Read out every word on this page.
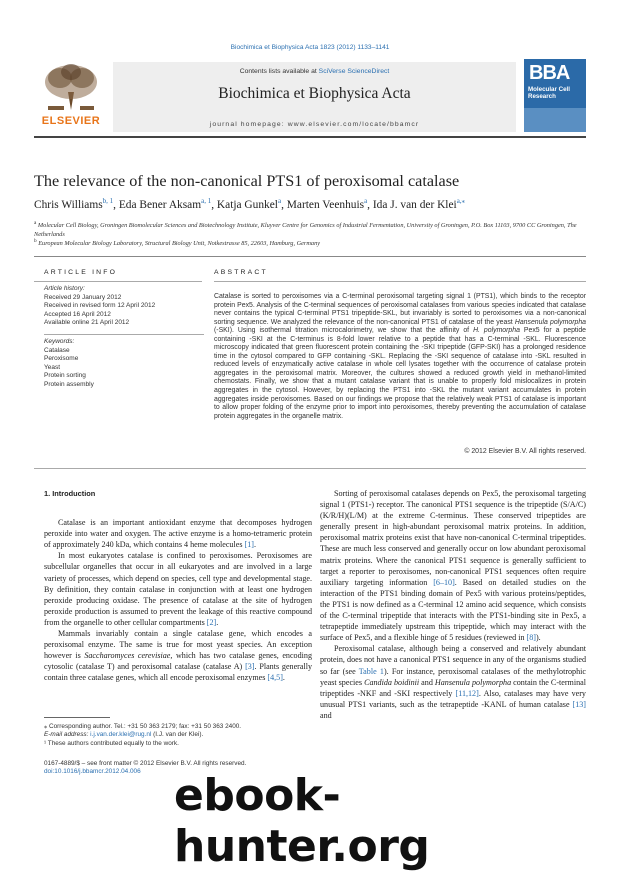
Biochimica et Biophysica Acta 1823 (2012) 1133–1141
ELSEVIER
Contents lists available at SciVerse ScienceDirect
Biochimica et Biophysica Acta
journal homepage: www.elsevier.com/locate/bbamcr
BBA
Molecular Cell Research
The relevance of the non-canonical PTS1 of peroxisomal catalase
Chris Williams$^{b, 1}$, Eda Bener Aksam$^{a, 1}$, Katja Gunkel$^a$, Marten Veenhuis$^a$, Ida J. van der Klei$^{a,⁎}$
$^a$ Molecular Cell Biology, Groningen Biomolecular Sciences and Biotechnology Institute, Kluyver Centre for Genomics of Industrial Fermentation, University of Groningen, P.O. Box 11103, 9700 CC Groningen, The Netherlands
$^b$ European Molecular Biology Laboratory, Structural Biology Unit, Notkestrasse 85, 22603, Hamburg, Germany
ARTICLE INFO
Article history:
Received 29 January 2012
Received in revised form 12 April 2012
Accepted 16 April 2012
Available online 21 April 2012
Keywords:
Catalase
Peroxisome
Yeast
Protein sorting
Protein assembly
ABSTRACT
Catalase is sorted to peroxisomes via a C-terminal peroxisomal targeting signal 1 (PTS1), which binds to the receptor protein Pex5. Analysis of the C-terminal sequences of peroxisomal catalases from various species indicated that catalase never contains the typical C-terminal PTS1 tripeptide-SKL, but invariably is sorted to peroxisomes via a non-canonical sorting sequence. We analyzed the relevance of the non-canonical PTS1 of catalase of the yeast Hansenula polymorpha (-SKI). Using isothermal titration microcalorimetry, we show that the affinity of H. polymorpha Pex5 for a peptide containing -SKI at the C-terminus is 8-fold lower relative to a peptide that has a C-terminal -SKL. Fluorescence microscopy indicated that green fluorescent protein containing the -SKI tripeptide (GFP-SKI) has a prolonged residence time in the cytosol compared to GFP containing -SKL. Replacing the -SKI sequence of catalase into -SKL resulted in reduced levels of enzymatically active catalase in whole cell lysates together with the occurrence of catalase protein aggregates in the peroxisomal matrix. Moreover, the cultures showed a reduced growth yield in methanol-limited chemostats. Finally, we show that a mutant catalase variant that is unable to properly fold mislocalizes in protein aggregates in the cytosol. However, by replacing the PTS1 into -SKL the mutant variant accumulates in protein aggregates inside peroxisomes. Based on our findings we propose that the relatively weak PTS1 of catalase is important to allow proper folding of the enzyme prior to import into peroxisomes, thereby preventing the accumulation of catalase protein aggregates in the organelle matrix.
© 2012 Elsevier B.V. All rights reserved.
1. Introduction

Catalase is an important antioxidant enzyme that decomposes hydrogen peroxide into water and oxygen. The active enzyme is a homo-tetrameric protein of approximately 240 kDa, which contains 4 heme molecules [1].

In most eukaryotes catalase is confined to peroxisomes. Peroxisomes are subcellular organelles that occur in all eukaryotes and are involved in a large variety of processes, which depend on species, cell type and developmental stage. By definition, they contain catalase in conjunction with at least one hydrogen peroxide producing oxidase. The presence of catalase at the site of hydrogen peroxide production is assumed to prevent the leakage of this reactive compound from the organelle to other cellular compartments [2].

Mammals invariably contain a single catalase gene, which encodes a peroxisomal enzyme. The same is true for most yeast species. An exception however is Saccharomyces cerevisiae, which has two catalase genes, encoding cytosolic (catalase T) and peroxisomal catalase (catalase A) [3]. Plants generally contain three catalase genes, which all encode peroxisomal enzymes [4,5].

Sorting of peroxisomal catalases depends on Pex5, the peroxisomal targeting signal 1 (PTS1-) receptor. The canonical PTS1 sequence is the tripeptide (S/A/C)(K/R/H)(L/M) at the extreme C-terminus. These conserved tripeptides are generally present in high-abundant peroxisomal matrix proteins. In addition, peroxisomal matrix proteins exist that have non-canonical C-terminal tripeptides. These are much less conserved and generally occur on low abundant peroxisomal matrix proteins. Where the canonical PTS1 sequence is generally sufficient to target a reporter to peroxisomes, non-canonical PTS1 sequences often require auxiliary targeting information [6–10]. Based on detailed studies on the interaction of the PTS1 binding domain of Pex5 with various proteins/peptides, the PTS1 is now defined as a C-terminal 12 amino acid sequence, which consists of the C-terminal tripeptide that interacts with the PTS1-binding site in Pex5, a tetrapeptide immediately upstream this tripeptide, which may interact with the surface of Pex5, and a flexible hinge of 5 residues (reviewed in [8]).

Peroxisomal catalase, although being a conserved and relatively abundant protein, does not have a canonical PTS1 sequence in any of the organisms studied so far (see Table 1). For instance, peroxisomal catalases of the methylotrophic yeast species Candida boidinii and Hansenula polymorpha contain the C-terminal tripeptides -NKF and -SKI respectively [11,12]. Also, catalases may have very unusual PTS1 variants, such as the tetrapeptide -KANL of human catalase [13] and

⁎ Corresponding author. Tel.: +31 50 363 2179; fax: +31 50 363 2400.
E-mail address: i.j.van.der.klei@rug.nl (I.J. van der Klei).
¹ These authors contributed equally to the work.
0167-4889/$ – see front matter © 2012 Elsevier B.V. All rights reserved.
doi:10.1016/j.bbamcr.2012.04.006 ebook-hunter.org
